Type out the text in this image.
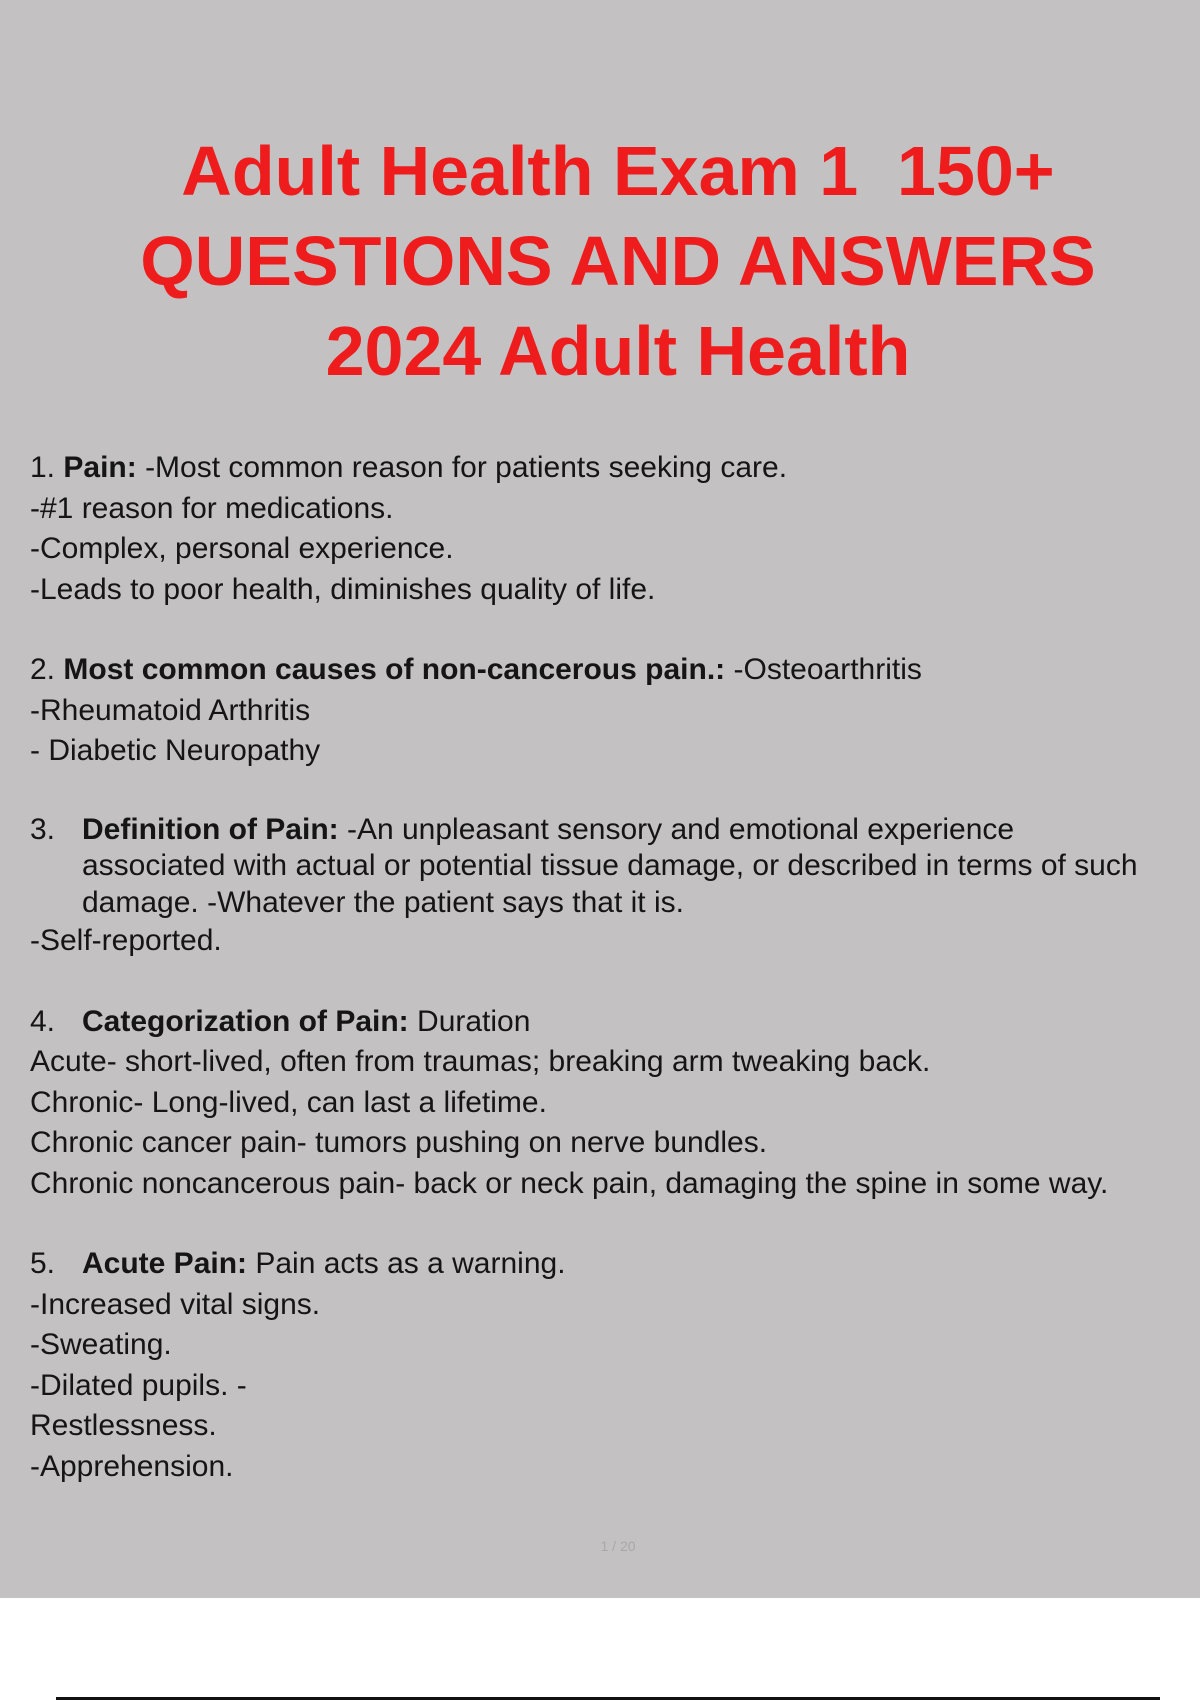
Adult Health Exam 1  150+
QUESTIONS AND ANSWERS
2024 Adult Health
1. Pain: -Most common reason for patients seeking care.
-#1 reason for medications.
-Complex, personal experience.
-Leads to poor health, diminishes quality of life.
2. Most common causes of non-cancerous pain.: -Osteoarthritis
-Rheumatoid Arthritis
- Diabetic Neuropathy
3. Definition of Pain: -An unpleasant sensory and emotional experience associated with actual or potential tissue damage, or described in terms of such damage. -Whatever the patient says that it is.
-Self-reported.
4. Categorization of Pain: Duration
Acute- short-lived, often from traumas; breaking arm tweaking back.
Chronic- Long-lived, can last a lifetime.
Chronic cancer pain- tumors pushing on nerve bundles.
Chronic noncancerous pain- back or neck pain, damaging the spine in some way.
5. Acute Pain: Pain acts as a warning.
-Increased vital signs.
-Sweating.
-Dilated pupils. -
Restlessness.
-Apprehension.
1 / 20
